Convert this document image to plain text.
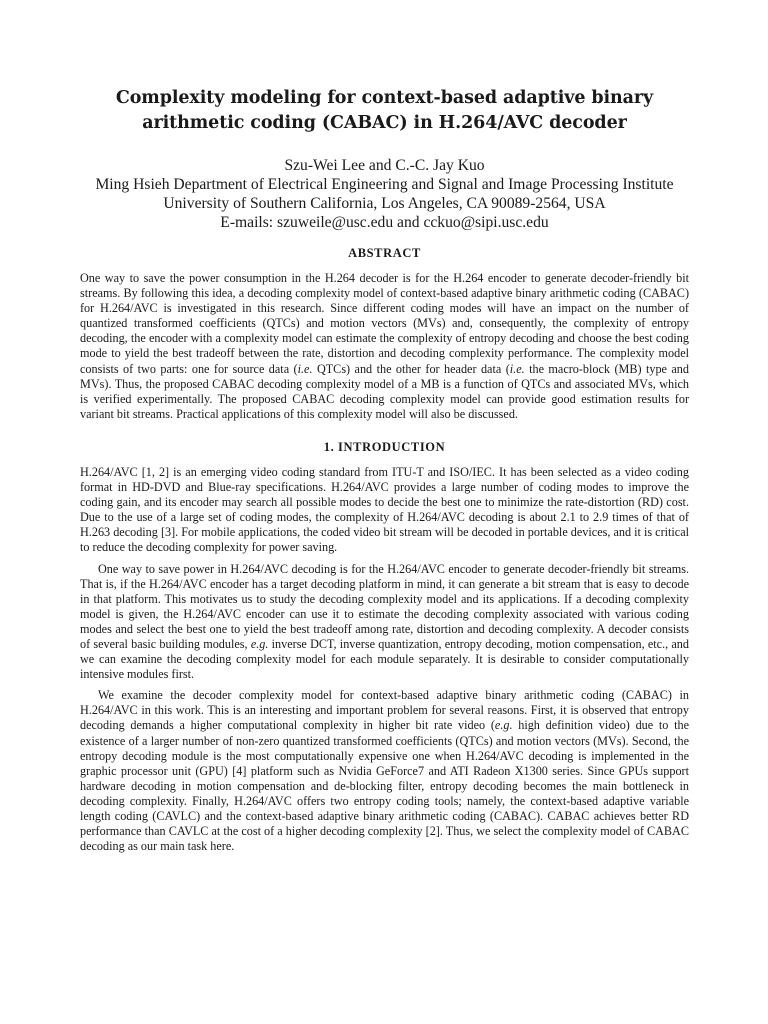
Complexity modeling for context-based adaptive binary
arithmetic coding (CABAC) in H.264/AVC decoder
Szu-Wei Lee and C.-C. Jay Kuo
Ming Hsieh Department of Electrical Engineering and Signal and Image Processing Institute
University of Southern California, Los Angeles, CA 90089-2564, USA
E-mails: szuweile@usc.edu and cckuo@sipi.usc.edu
ABSTRACT

One way to save the power consumption in the H.264 decoder is for the H.264 encoder to generate decoder-friendly bit streams. By following this idea, a decoding complexity model of context-based adaptive binary arithmetic coding (CABAC) for H.264/AVC is investigated in this research. Since different coding modes will have an impact on the number of quantized transformed coefficients (QTCs) and motion vectors (MVs) and, consequently, the complexity of entropy decoding, the encoder with a complexity model can estimate the complexity of entropy decoding and choose the best coding mode to yield the best tradeoff between the rate, distortion and decoding complexity performance. The complexity model consists of two parts: one for source data (i.e. QTCs) and the other for header data (i.e. the macro-block (MB) type and MVs). Thus, the proposed CABAC decoding complexity model of a MB is a function of QTCs and associated MVs, which is verified experimentally. The proposed CABAC decoding complexity model can provide good estimation results for variant bit streams. Practical applications of this complexity model will also be discussed.

1. INTRODUCTION

H.264/AVC [1, 2] is an emerging video coding standard from ITU-T and ISO/IEC. It has been selected as a video coding format in HD-DVD and Blue-ray specifications. H.264/AVC provides a large number of coding modes to improve the coding gain, and its encoder may search all possible modes to decide the best one to minimize the rate-distortion (RD) cost. Due to the use of a large set of coding modes, the complexity of H.264/AVC decoding is about 2.1 to 2.9 times of that of H.263 decoding [3]. For mobile applications, the coded video bit stream will be decoded in portable devices, and it is critical to reduce the decoding complexity for power saving.

One way to save power in H.264/AVC decoding is for the H.264/AVC encoder to generate decoder-friendly bit streams. That is, if the H.264/AVC encoder has a target decoding platform in mind, it can generate a bit stream that is easy to decode in that platform. This motivates us to study the decoding complexity model and its applications. If a decoding complexity model is given, the H.264/AVC encoder can use it to estimate the decoding complexity associated with various coding modes and select the best one to yield the best tradeoff among rate, distortion and decoding complexity. A decoder consists of several basic building modules, e.g. inverse DCT, inverse quantization, entropy decoding, motion compensation, etc., and we can examine the decoding complexity model for each module separately. It is desirable to consider computationally intensive modules first.

We examine the decoder complexity model for context-based adaptive binary arithmetic coding (CABAC) in H.264/AVC in this work. This is an interesting and important problem for several reasons. First, it is observed that entropy decoding demands a higher computational complexity in higher bit rate video (e.g. high definition video) due to the existence of a larger number of non-zero quantized transformed coefficients (QTCs) and motion vectors (MVs). Second, the entropy decoding module is the most computationally expensive one when H.264/AVC decoding is implemented in the graphic processor unit (GPU) [4] platform such as Nvidia GeForce7 and ATI Radeon X1300 series. Since GPUs support hardware decoding in motion compensation and de-blocking filter, entropy decoding becomes the main bottleneck in decoding complexity. Finally, H.264/AVC offers two entropy coding tools; namely, the context-based adaptive variable length coding (CAVLC) and the context-based adaptive binary arithmetic coding (CABAC). CABAC achieves better RD performance than CAVLC at the cost of a higher decoding complexity [2]. Thus, we select the complexity model of CABAC decoding as our main task here.
